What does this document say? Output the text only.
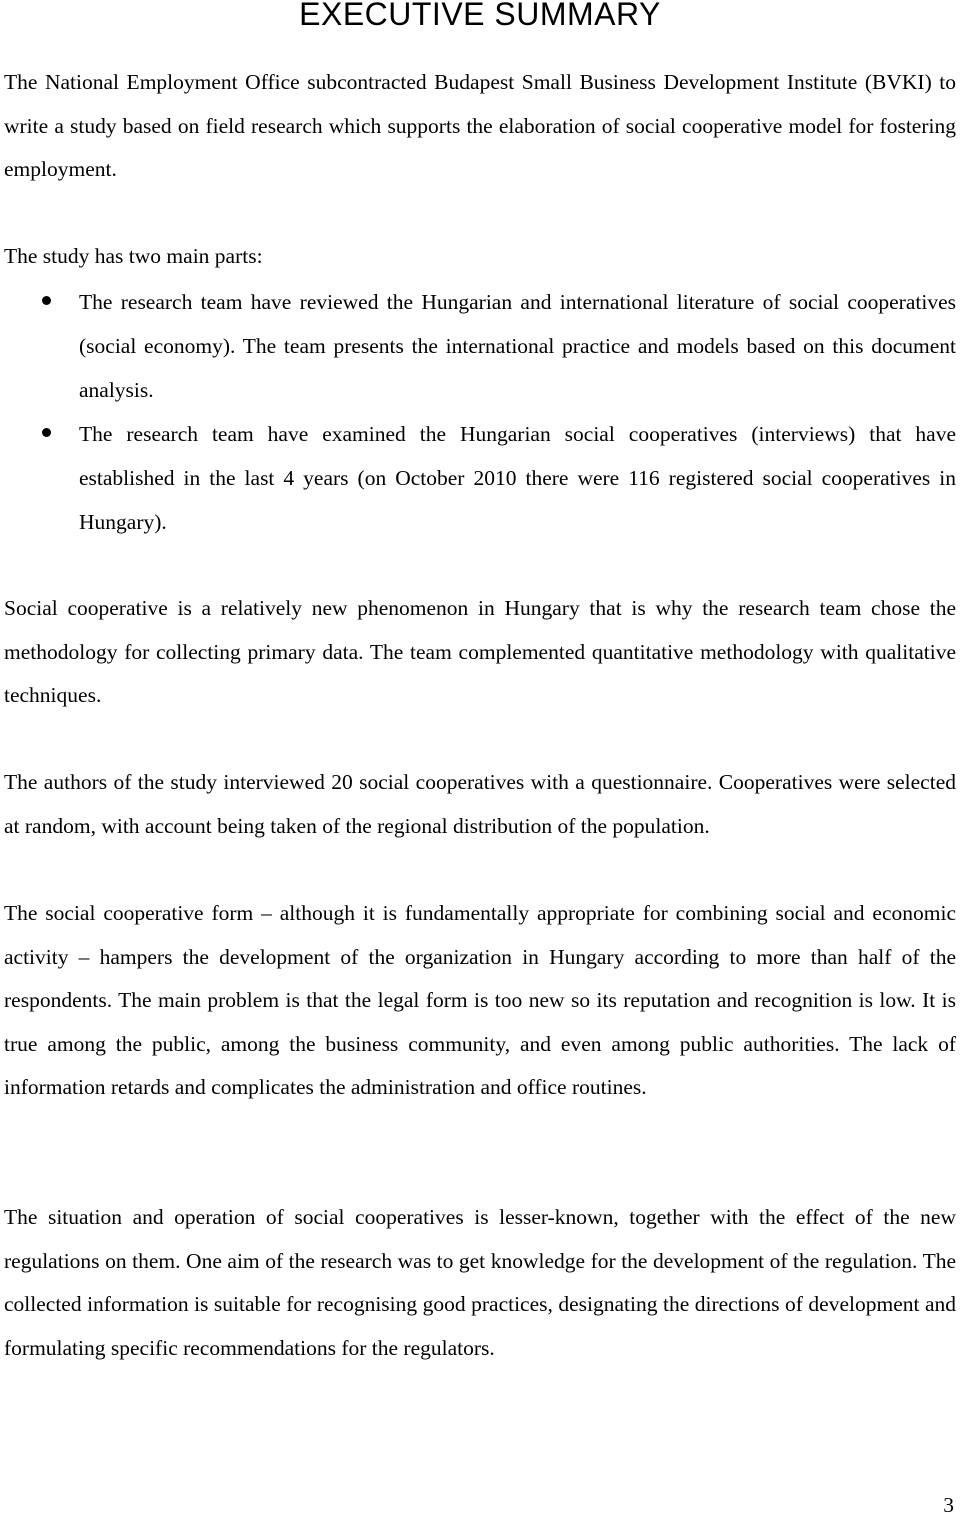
EXECUTIVE SUMMARY

The National Employment Office subcontracted Budapest Small Business Development Institute (BVKI) to write a study based on field research which supports the elaboration of social cooperative model for fostering employment.

The study has two main parts:

The research team have reviewed the Hungarian and international literature of social cooperatives (social economy). The team presents the international practice and models based on this document analysis.
The research team have examined the Hungarian social cooperatives (interviews) that have established in the last 4 years (on October 2010 there were 116 registered social cooperatives in Hungary).

Social cooperative is a relatively new phenomenon in Hungary that is why the research team chose the methodology for collecting primary data. The team complemented quantitative methodology with qualitative techniques.

The authors of the study interviewed 20 social cooperatives with a questionnaire. Cooperatives were selected at random, with account being taken of the regional distribution of the population.

The social cooperative form – although it is fundamentally appropriate for combining social and economic activity – hampers the development of the organization in Hungary according to more than half of the respondents. The main problem is that the legal form is too new so its reputation and recognition is low. It is true among the public, among the business community, and even among public authorities. The lack of information retards and complicates the administration and office routines.

The situation and operation of social cooperatives is lesser-known, together with the effect of the new regulations on them. One aim of the research was to get knowledge for the development of the regulation. The collected information is suitable for recognising good practices, designating the directions of development and formulating specific recommendations for the regulators.

3
